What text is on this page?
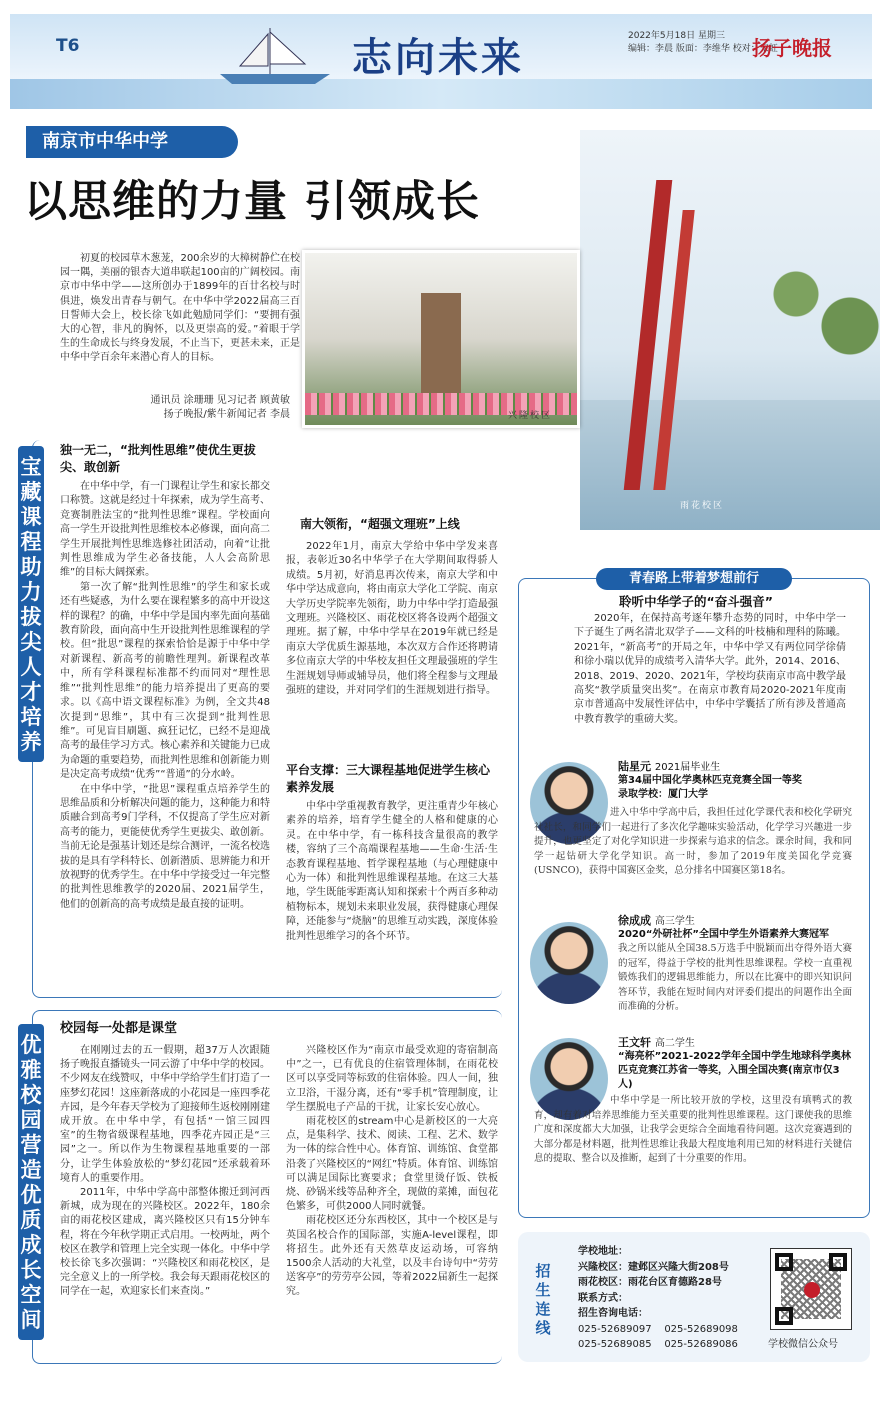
T6	志向未来	2022年5月18日 星期三
编辑：李晨 版面：李维华 校对：宋虹
扬子晚报
南京市中华中学
以思维的力量 引领成长
雨花校区
兴隆校区

初夏的校园草木葱茏，200余岁的大樟树静伫在校园一隅，美丽的银杏大道串联起100亩的广阔校园。南京市中华中学——这所创办于1899年的百廿名校与时俱进，焕发出青春与朝气。在中华中学2022届高三百日誓师大会上，校长徐飞如此勉励同学们：“要拥有强大的心智，非凡的胸怀，以及更崇高的爱。”着眼于学生的生命成长与终身发展，不止当下，更甚未来，正是中华中学百余年来潜心育人的目标。

通讯员 涂珊珊 见习记者 顾黄敏
扬子晚报/紫牛新闻记者 李晨
宝藏课程助力拔尖人才培养
独一无二，“批判性思维”使优生更拔尖、敢创新

在中华中学，有一门课程让学生和家长都交口称赞。这就是经过十年探索，成为学生高考、竞赛制胜法宝的“批判性思维”课程。学校面向高一学生开设批判性思维校本必修课，面向高二学生开展批判性思维选修社团活动，向着“让批判性思维成为学生必备技能，人人会高阶思维”的目标大阔探索。

第一次了解“批判性思维”的学生和家长或还有些疑惑，为什么要在课程繁多的高中开设这样的课程？的确，中华中学是国内率先面向基础教育阶段，面向高中生开设批判性思维课程的学校。但“批思”课程的探索恰恰是源于中华中学对新课程、新高考的前瞻性理判。新课程改革中，所有学科课程标准都不约而同对“理性思维”“批判性思维”的能力培养提出了更高的要求。以《高中语文课程标准》为例，全文共48次提到“思维”，其中有三次提到“批判性思维”。可见盲目刷题、疯狂记忆，已经不是迎战高考的最佳学习方式。核心素养和关键能力已成为命题的重要趋势，而批判性思维和创新能力则是决定高考成绩“优秀”“普通”的分水岭。

在中华中学，“批思”课程重点培养学生的思维品质和分析解决问题的能力，这种能力和特质融合到高考9门学科，不仅提高了学生应对新高考的能力，更能使优秀学生更拔尖、敢创新。当前无论是强基计划还是综合测评，一流名校选拔的是具有学科特长、创新潜质、思辨能力和开放视野的优秀学生。在中华中学接受过一年完整的批判性思维教学的2020届、2021届学生，他们的创新高的高考成绩是最直接的证明。

南大领衔，“超强文理班”上线

2022年1月，南京大学给中华中学发来喜报，表彰近30名中华学子在大学期间取得骄人成绩。5月初，好消息再次传来，南京大学和中华中学达成意向，将由南京大学化工学院、南京大学历史学院率先领衔，助力中华中学打造最强文理班。兴隆校区、雨花校区将各设两个超强文理班。据了解，中华中学早在2019年就已经是南京大学优质生源基地，本次双方合作还将聘请多位南京大学的中华校友担任文理最强班的学生生涯规划导师或辅导员，他们将全程参与文理最强班的建设，并对同学们的生涯规划进行指导。

平台支撑：三大课程基地促进学生核心素养发展

中华中学重视教育教学，更注重青少年核心素养的培养，培育学生健全的人格和健康的心灵。在中华中学，有一栋科技含量很高的教学楼，容纳了三个高端课程基地——生命·生活·生态教育课程基地、哲学课程基地（与心理健康中心为一体）和批判性思维课程基地。在这三大基地，学生既能零距离认知和探索十个两百多种动植物标本，规划未来职业发展，获得健康心理保障，还能参与“烧脑”的思维互动实践，深度体验批判性思维学习的各个环节。

优雅校园营造优质成长空间
校园每一处都是课堂

在刚刚过去的五一假期，超37万人次跟随扬子晚报直播镜头一同云游了中华中学的校园。不少网友在线赞叹，中华中学给学生们打造了一座梦幻花园！这座新落成的小花园是一座四季花卉园，是今年春天学校为了迎接师生返校刚刚建成开放。在中华中学，有包括“一馆三园四室”的生物省级课程基地，四季花卉园正是“三园”之一。所以作为生物课程基地重要的一部分，让学生体验放松的“梦幻花园”还承载着环境育人的重要作用。

2011年，中华中学高中部整体搬迁到河西新城，成为现在的兴隆校区。2022年，180余亩的雨花校区建成，离兴隆校区只有15分钟车程，将在今年秋学期正式启用。一校两址，两个校区在教学和管理上完全实现一体化。中华中学校长徐飞多次强调：“兴隆校区和雨花校区，是完全意义上的一所学校。我会每天跟雨花校区的同学在一起，欢迎家长们来查岗。”

兴隆校区作为“南京市最受欢迎的寄宿制高中”之一，已有优良的住宿管理体制，在雨花校区可以享受同等标致的住宿体验。四人一间，独立卫浴，干湿分离，还有“零手机”管理制度，让学生摆脱电子产品的干扰，让家长安心放心。

雨花校区的stream中心是新校区的一大亮点，是集科学、技术、阅读、工程、艺术、数学为一体的综合性中心。体育馆、训练馆、食堂都沿袭了兴隆校区的“网红”特质。体育馆、训练馆可以满足国际比赛要求；食堂里烫仔饭、铁板烧、砂锅米线等品种齐全，现做的菜摊，面包花色繁多，可供2000人同时就餐。

雨花校区还分东西校区，其中一个校区是与英国名校合作的国际部，实施A-level课程，即将招生。此外还有天然草皮运动场，可容纳1500余人活动的大礼堂，以及丰台诗句中“劳劳送客亭”的劳劳亭公园，等着2022届新生一起探究。

青春路上带着梦想前行
聆听中华学子的“奋斗强音”

2020年，在保持高考逐年攀升态势的同时，中华中学一下子诞生了两名清北双学子——文科的叶枝楠和理科的陈曦。2021年，“新高考”的开局之年，中华中学又有两位同学徐倩和徐小瑞以优异的成绩考入清华大学。此外，2014、2016、2018、2019、2020、2021年，学校均获南京市高中教学最高奖“教学质量突出奖”。在南京市教育局2020-2021年度南京市普通高中发展性评估中，中华中学囊括了所有涉及普通高中教育教学的重磅大奖。

陆星元 2021届毕业生
第34届中国化学奥林匹克竞赛全国一等奖
录取学校：厦门大学
进入中华中学高中后，我担任过化学课代表和校化学研究社社长，和同学们一起进行了多次化学趣味实验活动，化学学习兴趣进一步提升，也更坚定了对化学知识进一步探索与追求的信念。课余时间，我和同学一起钻研大学化学知识。高一时，参加了2019年度美国化学竞赛(USNCO)，获得中国赛区金奖，总分排名中国赛区第18名。
徐成成 高三学生
2020“外研社杯”全国中学生外语素养大赛冠军
我之所以能从全国38.5万选手中脱颖而出夺得外语大赛的冠军，得益于学校的批判性思维课程。学校一直重视锻炼我们的逻辑思维能力，所以在比赛中的即兴知识问答环节，我能在短时间内对评委们提出的问题作出全面而准确的分析。
王文轩 高二学生
“海亮杯”2021-2022学年全国中学生地球科学奥林匹克竞赛江苏省一等奖，入围全国决赛(南京市仅3人)
中华中学是一所比较开放的学校，这里没有填鸭式的教育，却有着对培养思维能力至关重要的批判性思维课程。这门课使我的思维广度和深度都大大加强，让我学会更综合全面地看待问题。这次竞赛遇到的大部分都是材料题，批判性思维让我最大程度地利用已知的材料进行关键信息的提取、整合以及推断，起到了十分重要的作用。
招生连线
学校地址：
兴隆校区：建邺区兴隆大街208号
雨花校区：雨花台区育德路28号
联系方式：
招生咨询电话：
025-52689097 025-52689098
025-52689085 025-52689086	学校微信公众号
